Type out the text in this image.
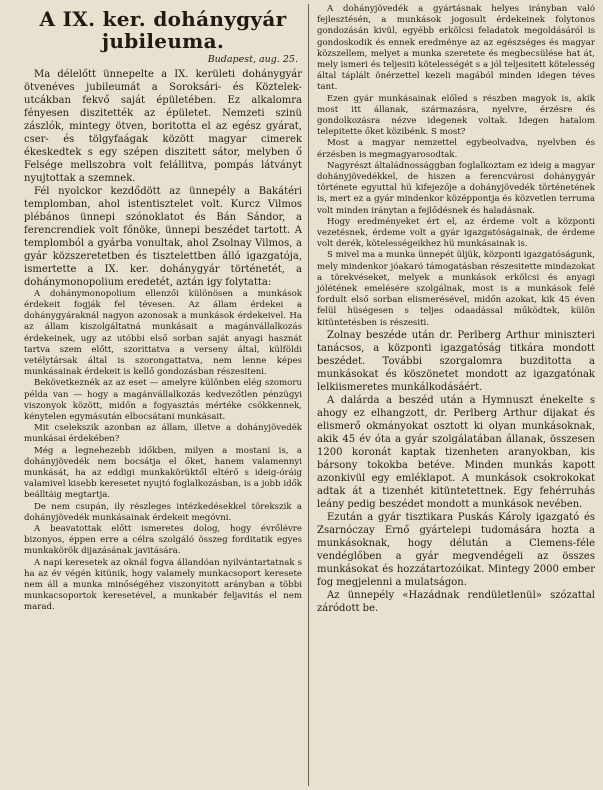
A IX. ker. dohánygyár
jubileuma.
Budapest, aug. 25.

Ma délelőtt ünnepelte a IX. kerületi dohánygyár ötvenéves jubileumát a Soroksári- és Köztelek-utcákban fekvő saját épületében. Ez alkalomra fényesen diszitették az épületet. Nemzeti szinü zászlók, mintegy ötven, boritotta el az egész gyárat, cser- és tölgyfaágak között magyar cimerek ékeskedtek s egy szépen diszitett sátor, melyben ő Felsége mellszobra volt felállitva, pompás látványt nyujtottak a szemnek.

Fél nyolckor kezdődött az ünnepély a Bakátéri templomban, ahol istentisztelet volt. Kurcz Vilmos plébános ünnepi szónoklatot és Bán Sándor, a ferencrendiek volt főnöke, ünnepi beszédet tartott. A templomból a gyárba vonultak, ahol Zsolnay Vilmos, a gyár közszeretetben és tisztelettben álló igazgatója, ismertette a IX. ker. dohánygyár történetét, a dohánymonopolium eredetét, aztán igy folytatta:

A dohánymonopolium ellenzői különösen a munkások érdekeit fogják fel tévesen. Az állam érdekei a dohánygyáraknál nagyon azonosak a munkások érdekeivel. Ha az állam kiszolgáltatná munkásait a magánvállalkozás érdekeinek, ugy az utóbbi első sorban saját anyagi hasznát tartva szem előtt, szorittatva a verseny által, külföldi vetélytársak által is szorongattatva, nem lenne képes munkásainak érdekeit is kellő gondozásban részesiteni.

Bekövetkeznék az az eset — amelyre különben elég szomoru példa van — hogy a magánvállalkozás kedvezőtlen pénzügyi viszonyok között, midőn a fogyasztás mértéke csökkennek, kénytelen egymásután elbocsátani munkásait.

Mit cselekszik azonban az állam, illetve a dohányjövedék munkásai érdekében?

Még a legnehezebb időkben, milyen a mostani is, a dohányjövedék nem bocsátja el őket, hanem valamennyi munkását, ha az eddigi munkakörüktől eltérő s ideig-óráig valamivel kisebb keresetet nyujtó foglalkozásban, is a jobb idők beálltáig megtartja.

De nem csupán, ily részleges intézkedésekkel törekszik a dohányjövedék munkásainak érdekeit megóvni.

A beavatottak előtt ismeretes dolog, hogy évrőlévre bizonyos, éppen erre a célra szolgáló összeg forditatik egyes munkakörök dijazásának javitására.

A napi keresetek az oknál fogva állandóan nyilvántartatnak s ha az év végén kitünik, hogy valamely munkacsoport keresete nem áll a munka minőségéhez viszonyitott arányban a többi munkacsoportok keresetével, a munkabér feljavitás el nem marad.

A dohányjövedék a gyártásnak helyes irányban való fejlesztésén, a munkások jogosult érdekeinek folytonos gondozásán kivül, egyébb erkölcsi feladatok megoldásáról is gondoskodik és ennek eredménye az az egészséges és magyar közszellem, melyet a munka szeretete és megbecsülése hat át, mely ismeri és teljesiti kötelességét s a jól teljesitett kötelesség által táplált önérzettel kezeli magából minden idegen téves tant.

Ezen gyár munkásainak előled s részben magyok is, akik most itt állanak, származásra, nyelvre, érzésre és gondolkozásra nézve idegenek voltak. Idegen hatalom telepitette őket közibénk. S most?

Most a magyar nemzettel egybeolvadva, nyelvben és érzésben is megmagyarosodtak.

Nagyrészt általádnossággban foglalkoztam ez ideig a magyar dohányjövedékkel, de hiszen a ferencvárosi dohánygyár története egyuttal hü kifejezője a dohányjövedék történetének is, mert ez a gyár mindenkor középpontja és közvetlen terruma volt minden iránytan a fejlődésnek és haladásnak.

Hogy eredményeket ért el, az érdeme volt a központi vezetésnek, érdeme volt a gyár igazgatóságainak, de érdeme volt derék, kötelességeikhez hü munkásainak is.

S mivel ma a munka ünnepét üljük, központi igazgatóságunk, mely mindenkor jóakaró támogatásban részesitette mindazokat a törekvéseket, melyek a munkások erkölcsi és anyagi jólétének emelésére szolgálnak, most is a munkások felé fordult első sorban elismerésével, midőn azokat, kik 45 éven felül hüségesen s teljes odaadással működtek, külön kitüntetésben is részesiti.

Zolnay beszéde után dr. Perlberg Arthur miniszteri tanácsos, a központi igazgatóság titkára mondott beszédet. További szorgalomra buzditotta a munkásokat és köszönetet mondott az igazgatónak lelkiismeretes munkálkodásáért.

A dalárda a beszéd után a Hymnuszt énekelte s ahogy ez elhangzott, dr. Perlberg Arthur dijakat és elismerő okmányokat osztott ki olyan munkásoknak, akik 45 év óta a gyár szolgálatában állanak, összesen 1200 koronát kaptak tizenheten aranyokban, kis bársony tokokba betéve. Minden munkás kapott azonkivül egy emléklapot. A munkások csokrokokat adtak át a tizenhét kitüntetettnek. Egy fehérruhás leány pedig beszédet mondott a munkások nevében.

Ezután a gyár tisztikara Puskás Károly igazgató és Zsarnóczay Ernő gyártelepi tudomására hozta a munkásoknak, hogy délután a Clemens-féle vendéglőben a gyár megvendégeli az összes munkásokat és hozzátartozóikat. Mintegy 2000 ember fog megjelenni a mulatságon.

Az ünnepély «Hazádnak rendületlenül» szózattal záródott be.
